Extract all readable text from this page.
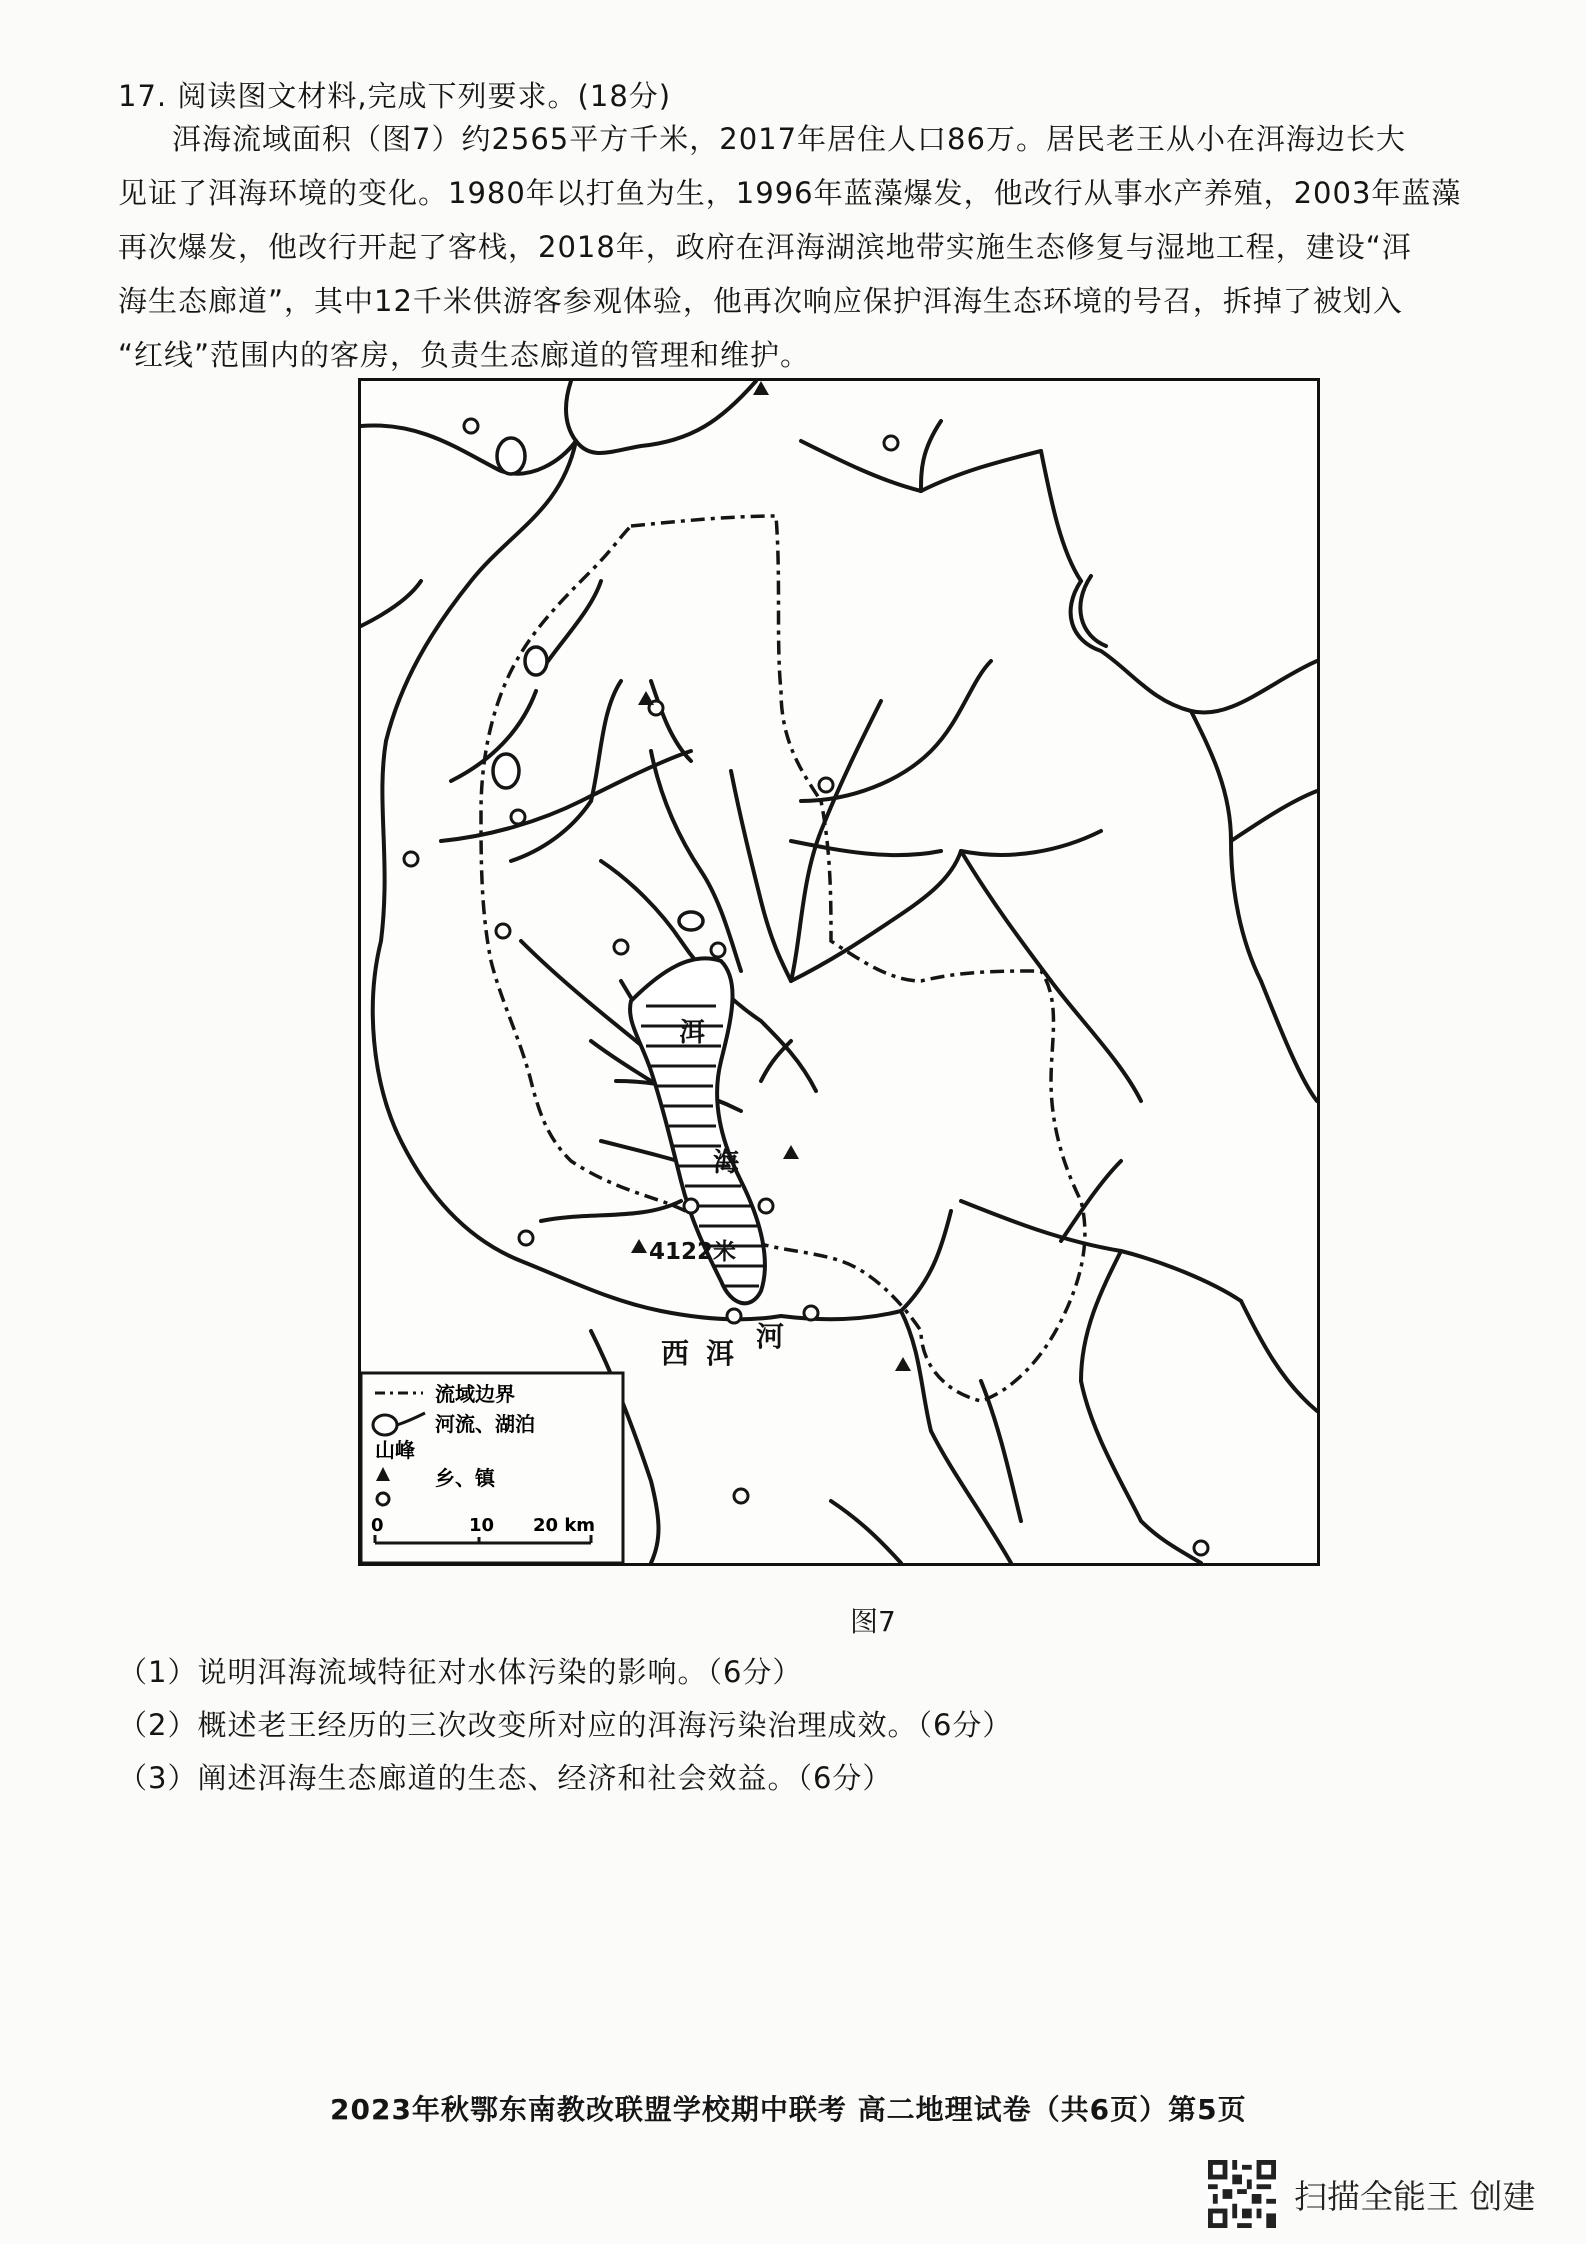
17. 阅读图文材料,完成下列要求。(18分)
洱海流域面积（图7）约2565平方千米，2017年居住人口86万。居民老王从小在洱海边长大
见证了洱海环境的变化。1980年以打鱼为生，1996年蓝藻爆发，他改行从事水产养殖，2003年蓝藻
再次爆发，他改行开起了客栈，2018年，政府在洱海湖滨地带实施生态修复与湿地工程，建设“洱
海生态廊道”，其中12千米供游客参观体验，他再次响应保护洱海生态环境的号召，拆掉了被划入
“红线”范围内的客房，负责生态廊道的管理和维护。
洱
海
4122米
西 洱
河
流域边界
河流、湖泊
山峰
乡、镇
0	10 20 km
图7
（1）说明洱海流域特征对水体污染的影响。（6分）
（2）概述老王经历的三次改变所对应的洱海污染治理成效。（6分）
（3）阐述洱海生态廊道的生态、经济和社会效益。（6分）
2023年秋鄂东南教改联盟学校期中联考 高二地理试卷（共6页）第5页
扫描全能王 创建
